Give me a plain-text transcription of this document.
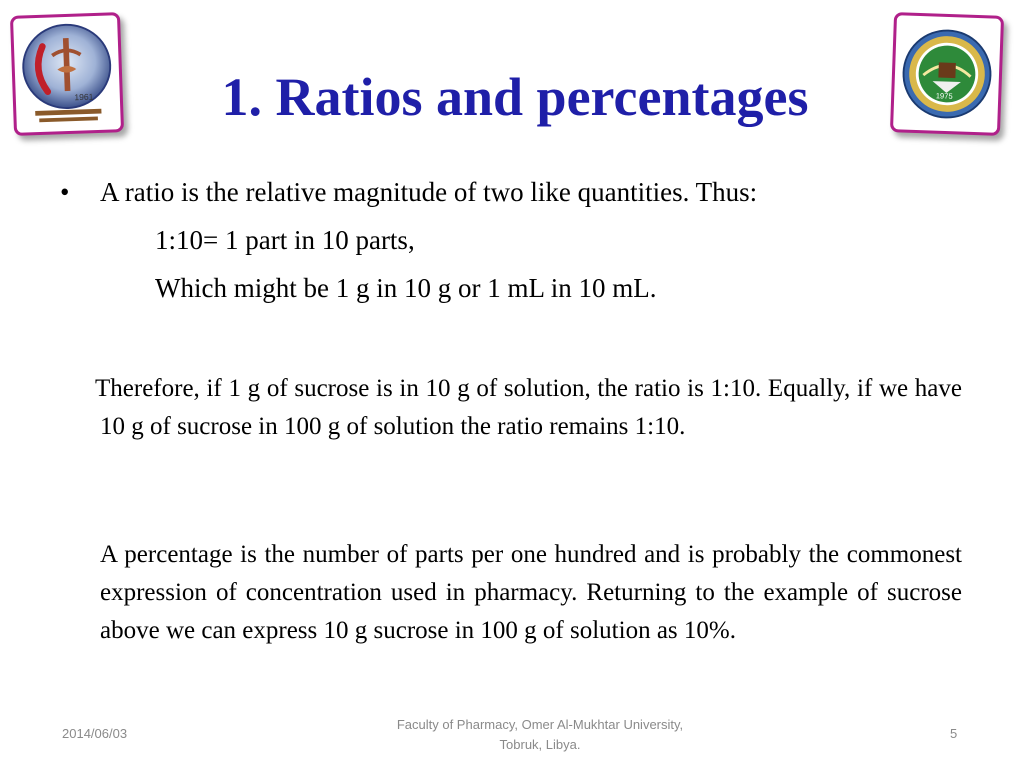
1961	1975
1. Ratios and percentages
• A ratio is the relative magnitude of two like quantities. Thus:
1:10= 1 part in 10 parts,
Which might be 1 g in 10 g or 1 mL in 10 mL.

Therefore, if 1 g of sucrose is in 10 g of solution, the ratio is 1:10. Equally, if we have 10 g of sucrose in 100 g of solution the ratio remains 1:10.

A percentage is the number of parts per one hundred and is probably the commonest expression of concentration used in pharmacy. Returning to the example of sucrose above we can express 10 g sucrose in 100 g of solution as 10%.

2014/06/03
Faculty of Pharmacy, Omer Al-Mukhtar University,
Tobruk, Libya.
5
